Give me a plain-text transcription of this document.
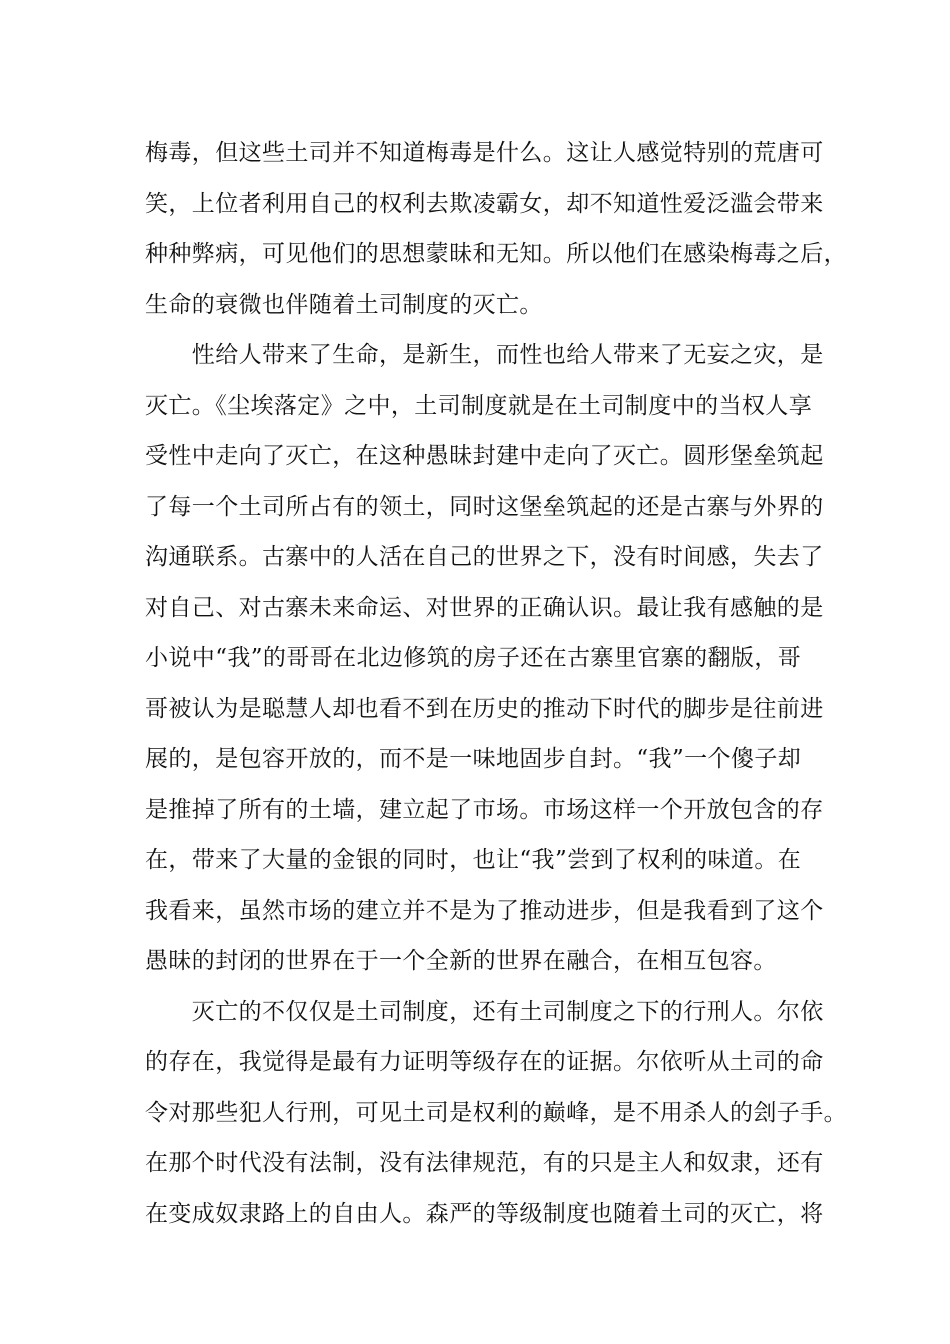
梅毒，但这些土司并不知道梅毒是什么。这让人感觉特别的荒唐可
笑，上位者利用自己的权利去欺凌霸女，却不知道性爱泛滥会带来
种种弊病，可见他们的思想蒙昧和无知。所以他们在感染梅毒之后，
生命的衰微也伴随着土司制度的灭亡。
　　性给人带来了生命，是新生，而性也给人带来了无妄之灾，是
灭亡。《尘埃落定》之中，土司制度就是在土司制度中的当权人享
受性中走向了灭亡，在这种愚昧封建中走向了灭亡。圆形堡垒筑起
了每一个土司所占有的领土，同时这堡垒筑起的还是古寨与外界的
沟通联系。古寨中的人活在自己的世界之下，没有时间感，失去了
对自己、对古寨未来命运、对世界的正确认识。最让我有感触的是
小说中“我”的哥哥在北边修筑的房子还在古寨里官寨的翻版，哥
哥被认为是聪慧人却也看不到在历史的推动下时代的脚步是往前进
展的，是包容开放的，而不是一味地固步自封。“我”一个傻子却
是推掉了所有的土墙，建立起了市场。市场这样一个开放包含的存
在，带来了大量的金银的同时，也让“我”尝到了权利的味道。在
我看来，虽然市场的建立并不是为了推动进步，但是我看到了这个
愚昧的封闭的世界在于一个全新的世界在融合，在相互包容。
　　灭亡的不仅仅是土司制度，还有土司制度之下的行刑人。尔依
的存在，我觉得是最有力证明等级存在的证据。尔依听从土司的命
令对那些犯人行刑，可见土司是权利的巅峰，是不用杀人的刽子手。
在那个时代没有法制，没有法律规范，有的只是主人和奴隶，还有
在变成奴隶路上的自由人。森严的等级制度也随着土司的灭亡，将
